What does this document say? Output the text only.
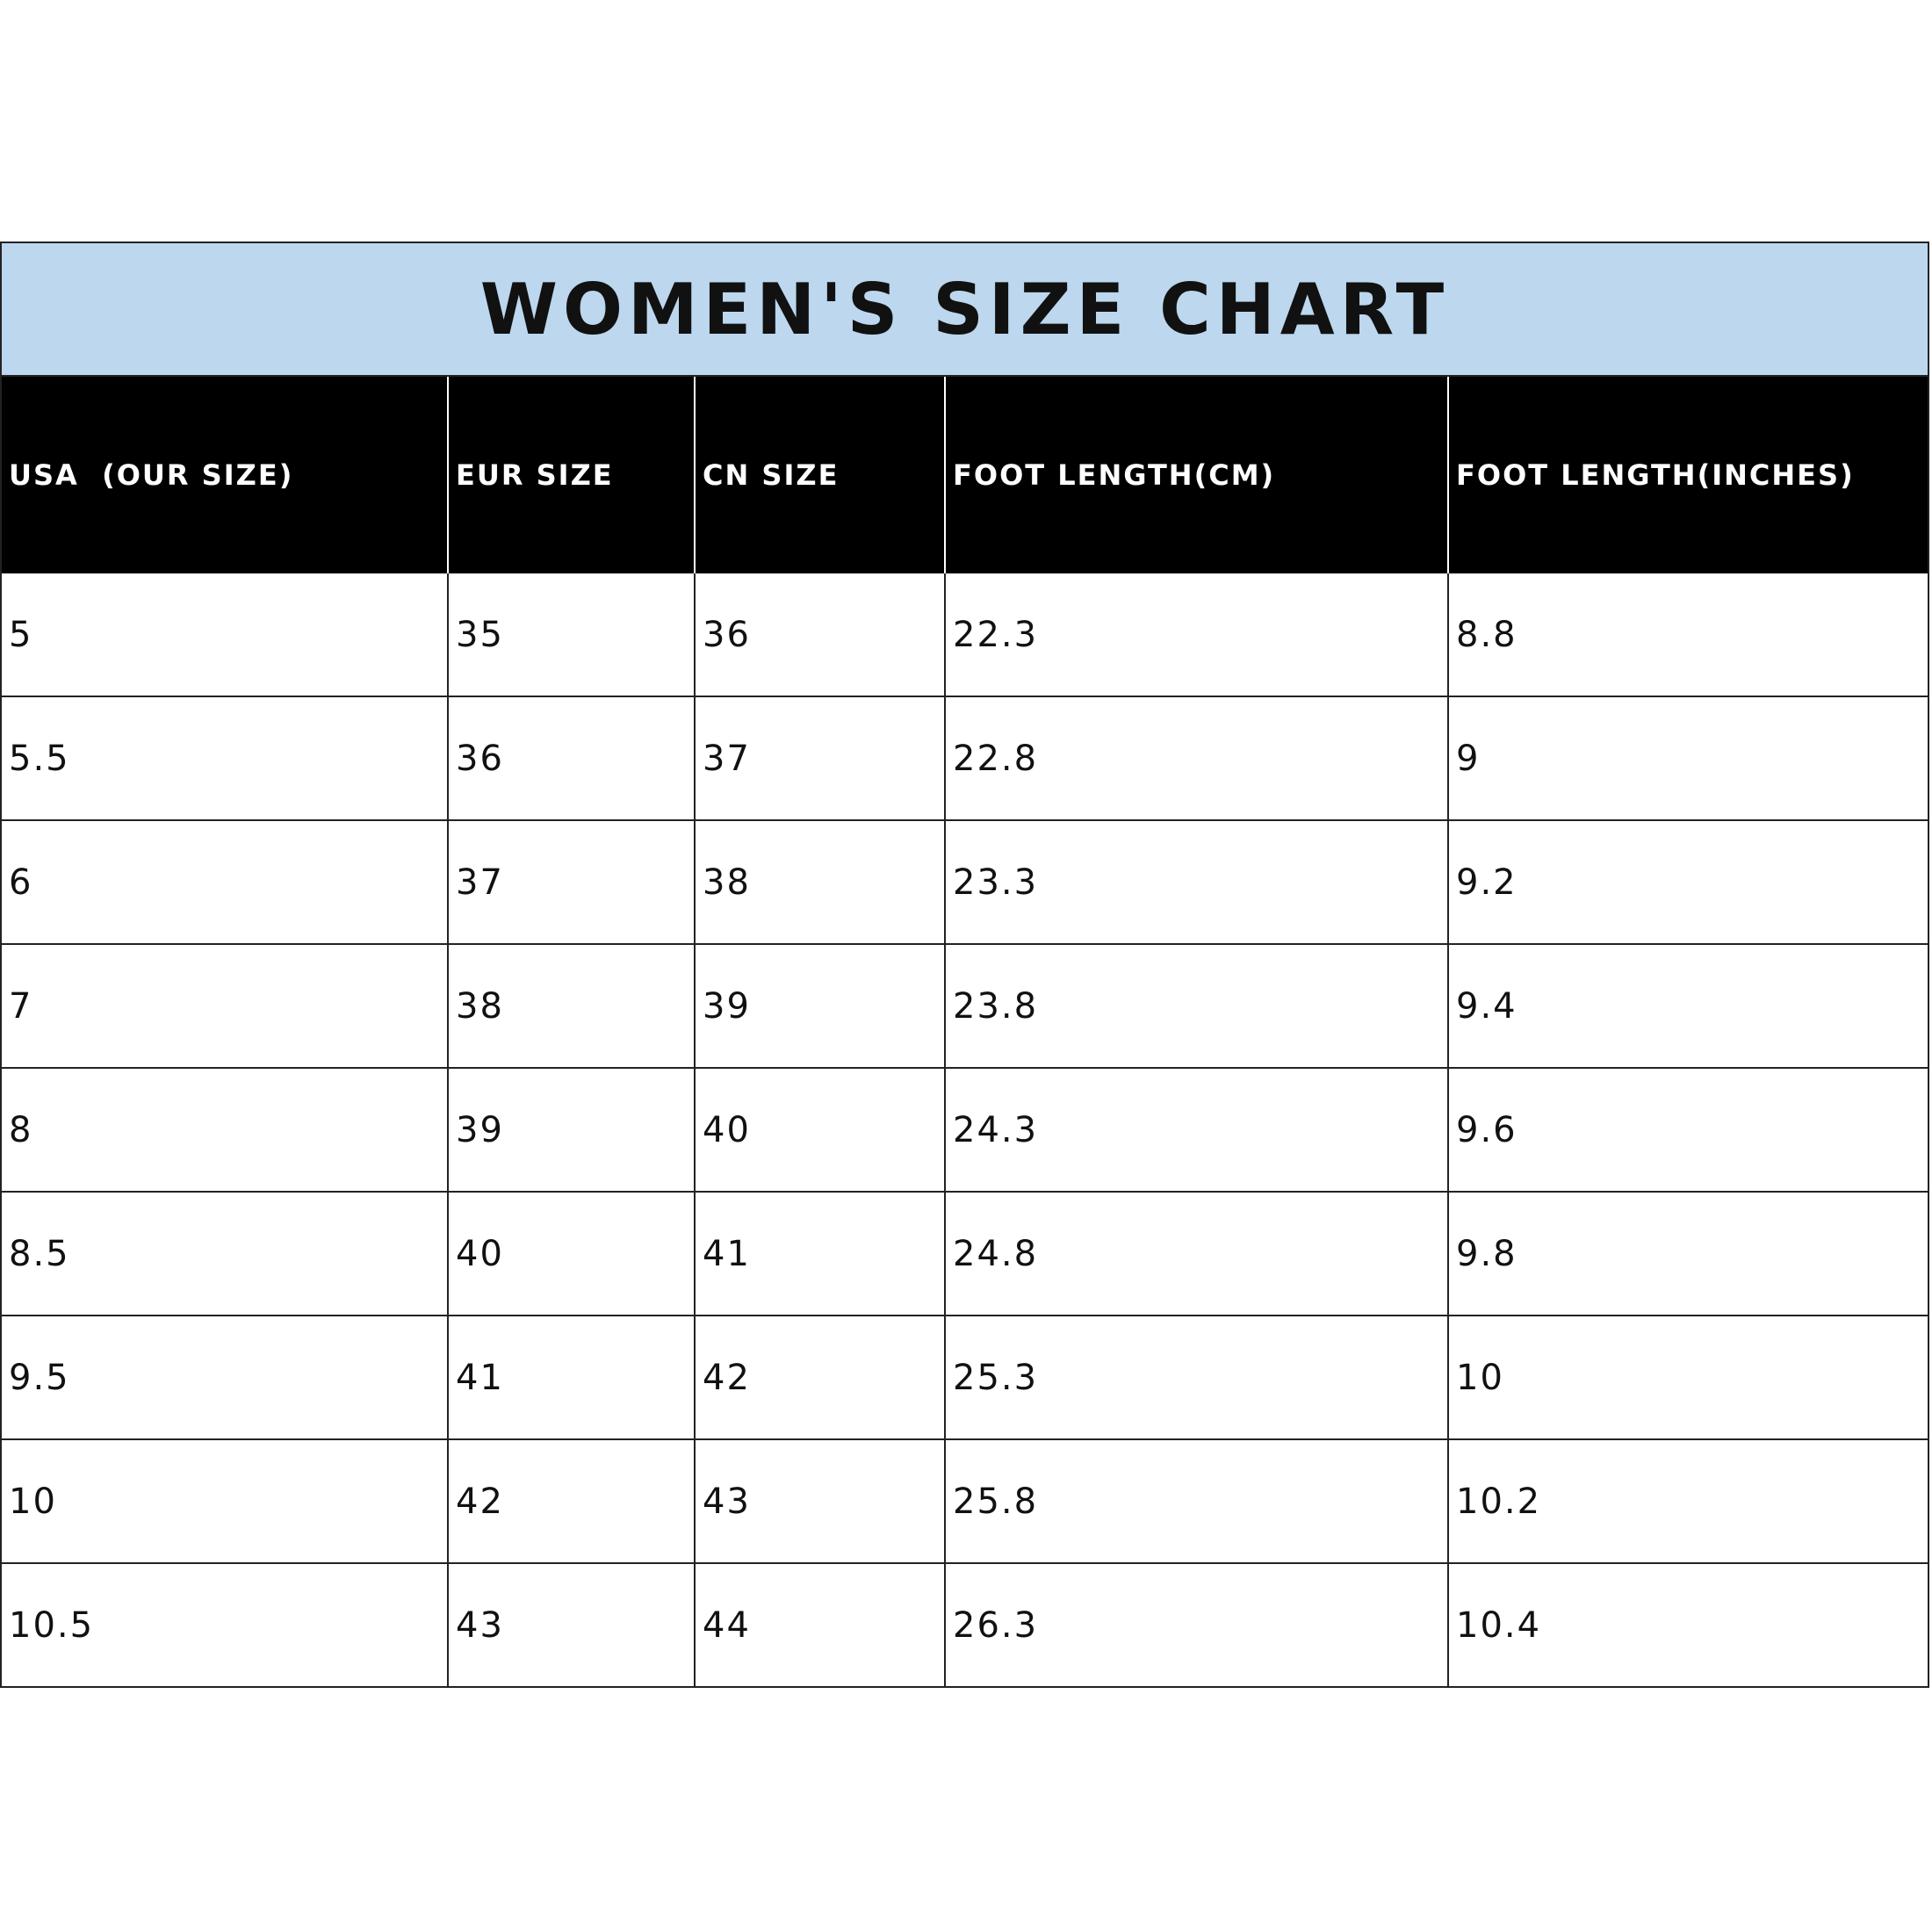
WOMEN'S SIZE CHART
USA  (OUR SIZE)	EUR SIZE	CN SIZE	FOOT LENGTH(CM)	FOOT LENGTH(INCHES)
5	35	36	22.3	8.8
5.5	36	37	22.8	9
6	37	38	23.3	9.2
7	38	39	23.8	9.4
8	39	40	24.3	9.6
8.5	40	41	24.8	9.8
9.5	41	42	25.3	10
10	42	43	25.8	10.2
10.5	43	44	26.3	10.4
